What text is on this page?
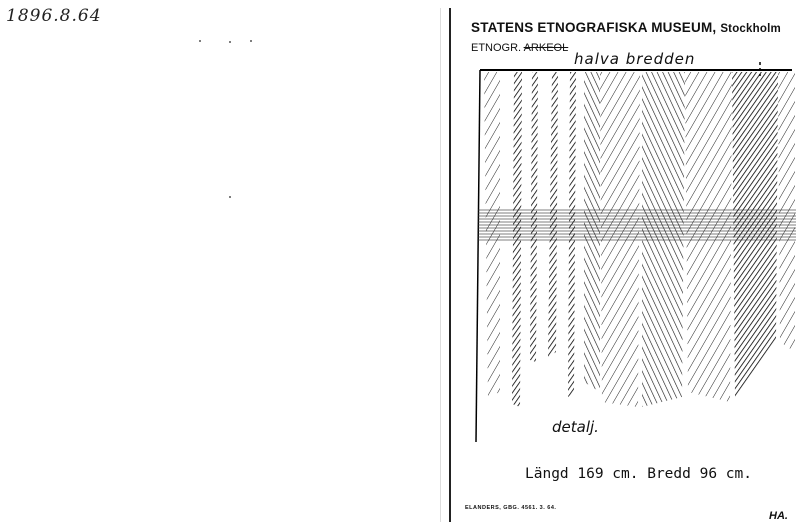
1896.8.64
STATENS ETNOGRAFISKA MUSEUM, Stockholm
ETNOGR. ARKEOL
halva bredden
detalj.
Längd 169 cm. Bredd 96 cm.
ELANDERS, GBG. 4561. 3. 64.
HA.
